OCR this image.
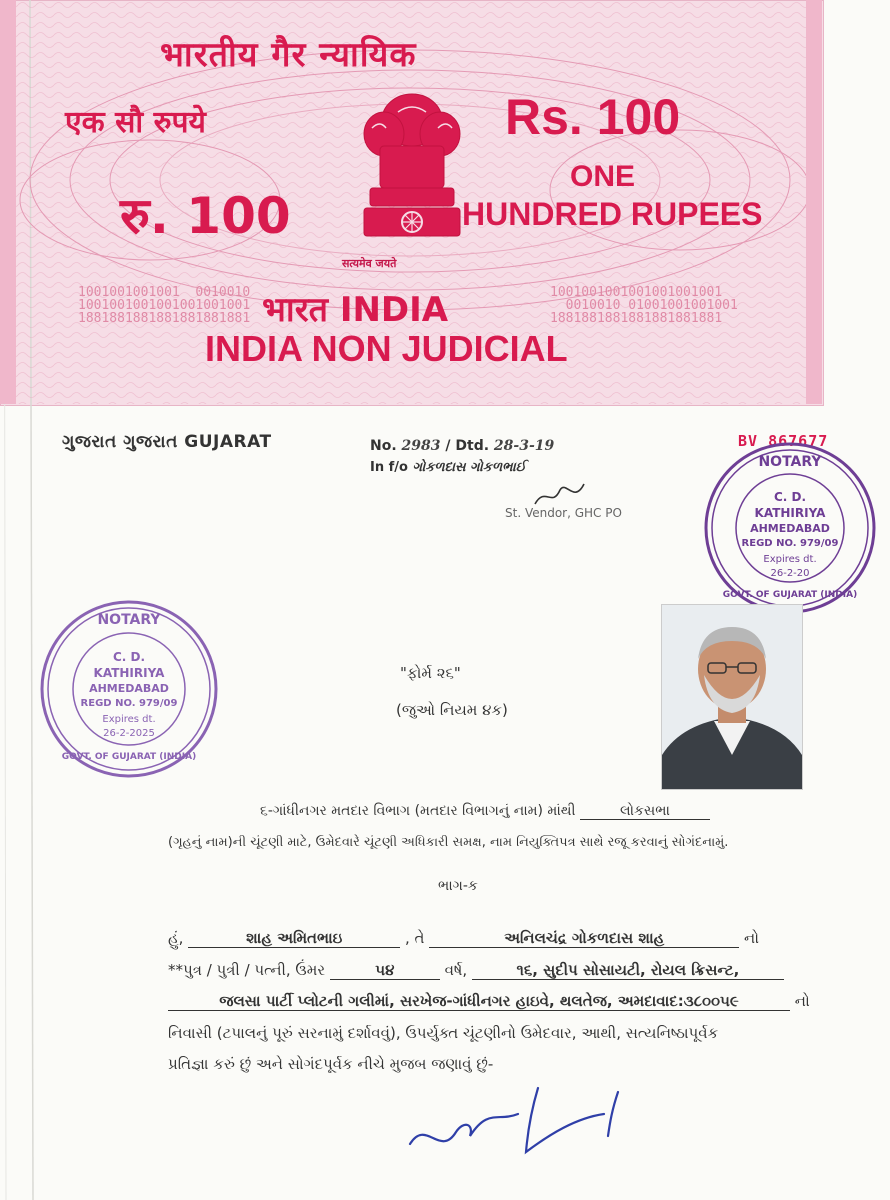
1001001001001  0010010
1001001001001001001001
1881881881881881881881
1001001001001001001001
0010010 01001001001001
1881881881881881881881
भारतीय गैर न्यायिक
एक सौ रुपये	Rs. 100
ONE
HUNDRED RUPEES
रु. 100
सत्यमेव जयते
भारत INDIA
INDIA NON JUDICIAL
ગુજરાત ગુજરાત GUJARAT	No. 2983 / Dtd. 28-3-19
In f/o ગોકળદાસ ગોકળભાઈ
St. Vendor, GHC PO
BV 867677
NOTARY
C. D.
KATHIRIYA
AHMEDABAD
REGD NO. 979/09
Expires dt.
26-2-20
GOVT. OF GUJARAT (INDIA)
NOTARY
C. D.
KATHIRIYA
AHMEDABAD
REGD NO. 979/09
Expires dt.
26-2-2025
GOVT. OF GUJARAT (INDIA)
"ફોર્મ ૨૬"
(જુઓ નિયમ ૪ક)
૬-ગાંધીનગર મતદાર વિભાગ (મતદાર વિભાગનું નામ) માંથી	લોકસભા
(ગૃહનું નામ)ની ચૂંટણી માટે, ઉમેદવારે ચૂંટણી અધિકારી સમક્ષ, નામ નિયુક્તિપત્ર સાથે રજૂ કરવાનું સોગંદનામું.
ભાગ-ક
હું,	શાહ અમિતભાઇ	, તે	અનિલચંદ્ર ગોકળદાસ શાહ	નો
**પુત્ર / પુત્રી / પત્ની, ઉંમર	૫૪	વર્ષ,	૧૬, સુદીપ સોસાયટી, રોયલ ક્રિસન્ટ,
જલસા પાર્ટી પ્લોટની ગલીમાં, સરખેજ-ગાંધીનગર હાઇવે, થલતેજ, અમદાવાદ:૩૮૦૦૫૯	નો
નિવાસી (ટપાલનું પૂરું સરનામું દર્શાવવું), ઉપર્યુક્ત ચૂંટણીનો ઉમેદવાર, આથી, સત્યનિષ્ઠાપૂર્વક
પ્રતિજ્ઞા કરું છું અને સોગંદપૂર્વક નીચે મુજબ જણાવું છું-
